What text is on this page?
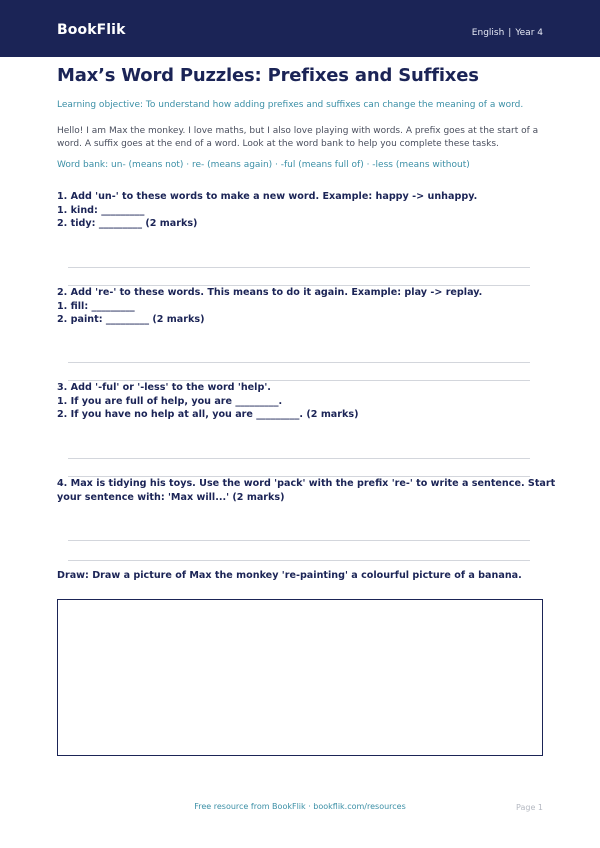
BookFlik	English | Year 4
Max’s Word Puzzles: Prefixes and Suffixes

Learning objective: To understand how adding prefixes and suffixes can change the meaning of a word.

Hello! I am Max the monkey. I love maths, but I also love playing with words. A prefix goes at the start of a word. A suffix goes at the end of a word. Look at the word bank to help you complete these tasks.

Word bank: un- (means not) · re- (means again) · -ful (means full of) · -less (means without)

1. Add 'un-' to these words to make a new word. Example: happy -> unhappy.
1. kind: _________
2. tidy: _________ (2 marks)
2. Add 're-' to these words. This means to do it again. Example: play -> replay.
1. fill: _________
2. paint: _________ (2 marks)
3. Add '-ful' or '-less' to the word 'help'.
1. If you are full of help, you are _________.
2. If you have no help at all, you are _________. (2 marks)
4. Max is tidying his toys. Use the word 'pack' with the prefix 're-' to write a sentence. Start
your sentence with: 'Max will...' (2 marks)
Draw: Draw a picture of Max the monkey 're-painting' a colourful picture of a banana.
Free resource from BookFlik · bookflik.com/resources	Page 1
